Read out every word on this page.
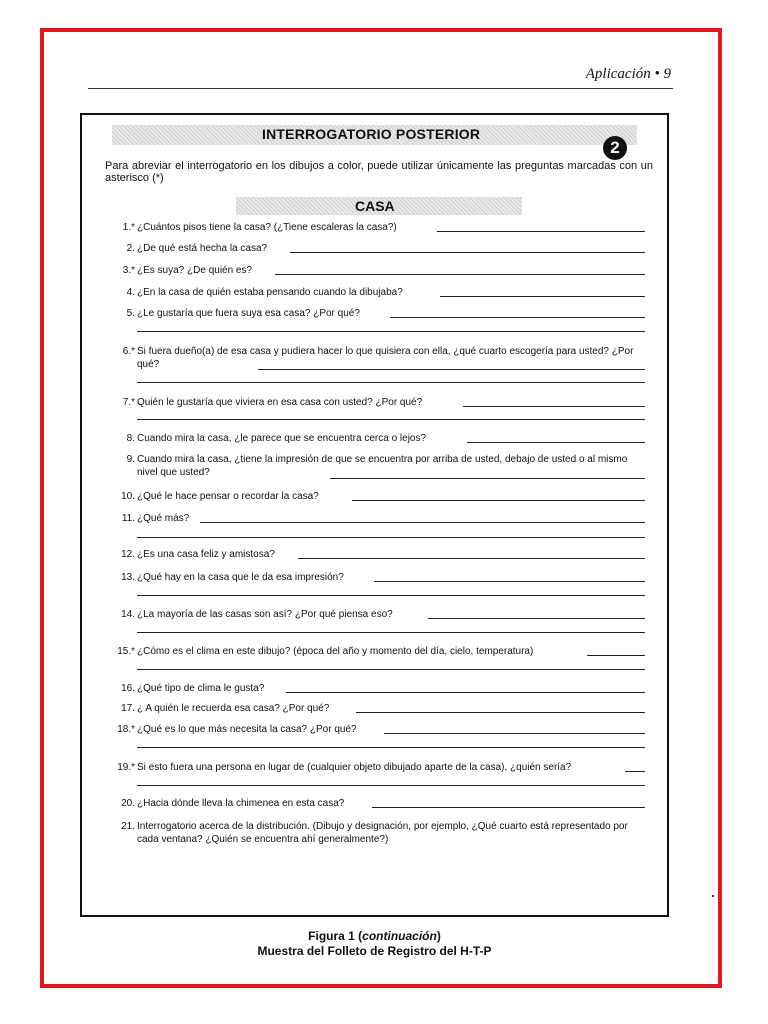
Aplicación • 9
INTERROGATORIO POSTERIOR
2
Para abreviar el interrogatorio en los dibujos a color, puede utilizar únicamente las preguntas marcadas con un asterisco (*)
CASA
1.* ¿Cuántos pisos tiene la casa? (¿Tiene escaleras la casa?)
2. ¿De qué está hecha la casa?
3.* ¿Es suya? ¿De quién es?
4. ¿En la casa de quién estaba pensando cuando la dibujaba?
5. ¿Le gustaría que fuera suya esa casa? ¿Por qué?
6.* Si fuera dueño(a) de esa casa y pudiera hacer lo que quisiera con ella, ¿qué cuarto escogería para usted? ¿Por qué?
7.* Quién le gustaría que viviera en esa casa con usted? ¿Por qué?
8. Cuando mira la casa, ¿le parece que se encuentra cerca o lejos?
9. Cuando mira la casa, ¿tiene la impresión de que se encuentra por arriba de usted, debajo de usted o al mismo nivel que usted?
10. ¿Qué le hace pensar o recordar la casa?
11. ¿Qué más?
12. ¿Es una casa feliz y amistosa?
13. ¿Qué hay en la casa que le da esa impresión?
14. ¿La mayoría de las casas son así? ¿Por qué piensa eso?
15.* ¿Cómo es el clima en este dibujo? (época del año y momento del día, cielo, temperatura)
16. ¿Qué tipo de clima le gusta?
17. ¿ A quién le recuerda esa casa? ¿Por qué?
18.* ¿Qué es lo que más necesita la casa? ¿Por qué?
19.* Si esto fuera una persona en lugar de (cualquier objeto dibujado aparte de la casa), ¿quién sería?
20. ¿Hacia dónde lleva la chimenea en esta casa?
21. Interrogatorio acerca de la distribución. (Dibujo y designación, por ejemplo, ¿Qué cuarto está representado por cada ventana? ¿Quién se encuentra ahí generalmente?)
Figura 1 (continuación)
Muestra del Folleto de Registro del H-T-P
